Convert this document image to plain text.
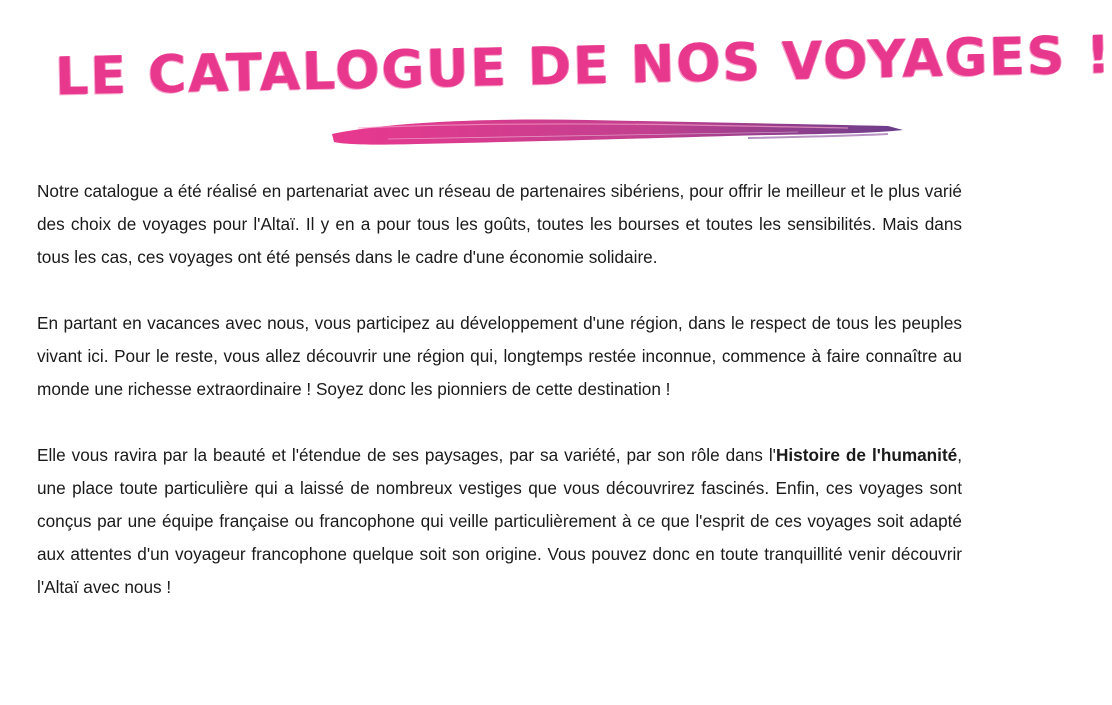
LE CATALOGUE DE NOS VOYAGES !

Notre catalogue a été réalisé en partenariat avec un réseau de partenaires sibériens, pour offrir le meilleur et le plus varié des choix de voyages pour l'Altaï. Il y en a pour tous les goûts, toutes les bourses et toutes les sensibilités. Mais dans tous les cas, ces voyages ont été pensés dans le cadre d'une économie solidaire.

En partant en vacances avec nous, vous participez au développement d'une région, dans le respect de tous les peuples vivant ici. Pour le reste, vous allez découvrir une région qui, longtemps restée inconnue, commence à faire connaître au monde une richesse extraordinaire ! Soyez donc les pionniers de cette destination !

Elle vous ravira par la beauté et l'étendue de ses paysages, par sa variété, par son rôle dans l'Histoire de l'humanité, une place toute particulière qui a laissé de nombreux vestiges que vous découvrirez fascinés. Enfin, ces voyages sont conçus par une équipe française ou francophone qui veille particulièrement à ce que l'esprit de ces voyages soit adapté aux attentes d'un voyageur francophone quelque soit son origine. Vous pouvez donc en toute tranquillité venir découvrir l'Altaï avec nous !
